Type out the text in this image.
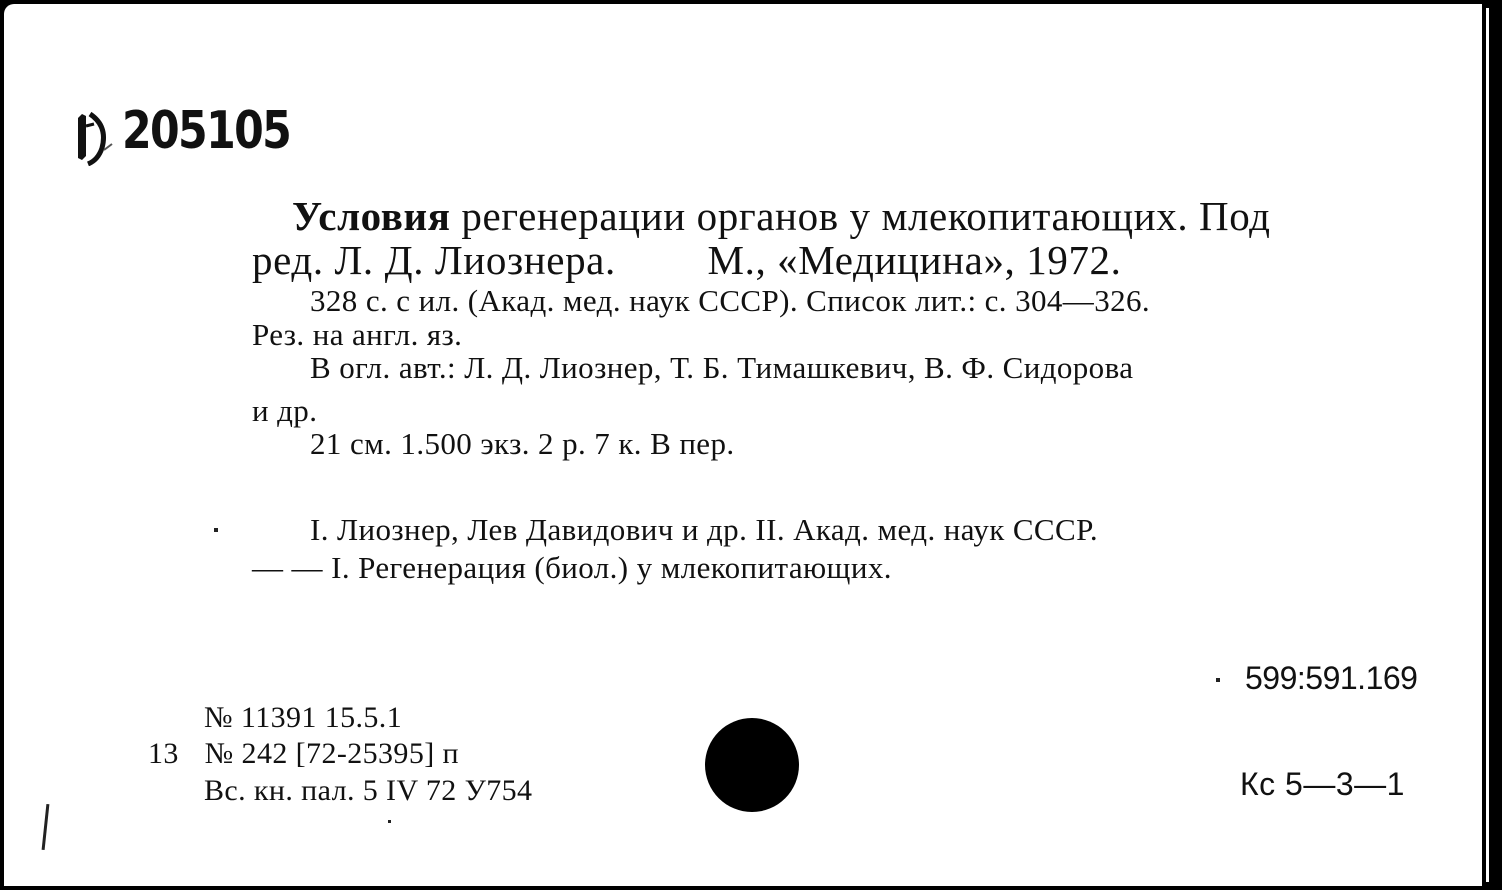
205105
Условия регенерации органов у млекопитающих. Под
ред. Л. Д. Лиознера. М., «Медицина», 1972.
328 с. с ил. (Акад. мед. наук СССР). Список лит.: с. 304—326.
Рез. на англ. яз.
В огл. авт.: Л. Д. Лиознер, Т. Б. Тимашкевич, В. Ф. Сидорова
и др.
21 см. 1.500 экз. 2 р. 7 к. В пер.
I. Лиознер, Лев Давидович и др. II. Акад. мед. наук СССР.
— — I. Регенерация (биол.) у млекопитающих.
599:591.169
№ 11391 15.5.1
13 № 242 [72-25395] п
Вс. кн. пал. 5 IV 72 У754	Кс 5—3—1
